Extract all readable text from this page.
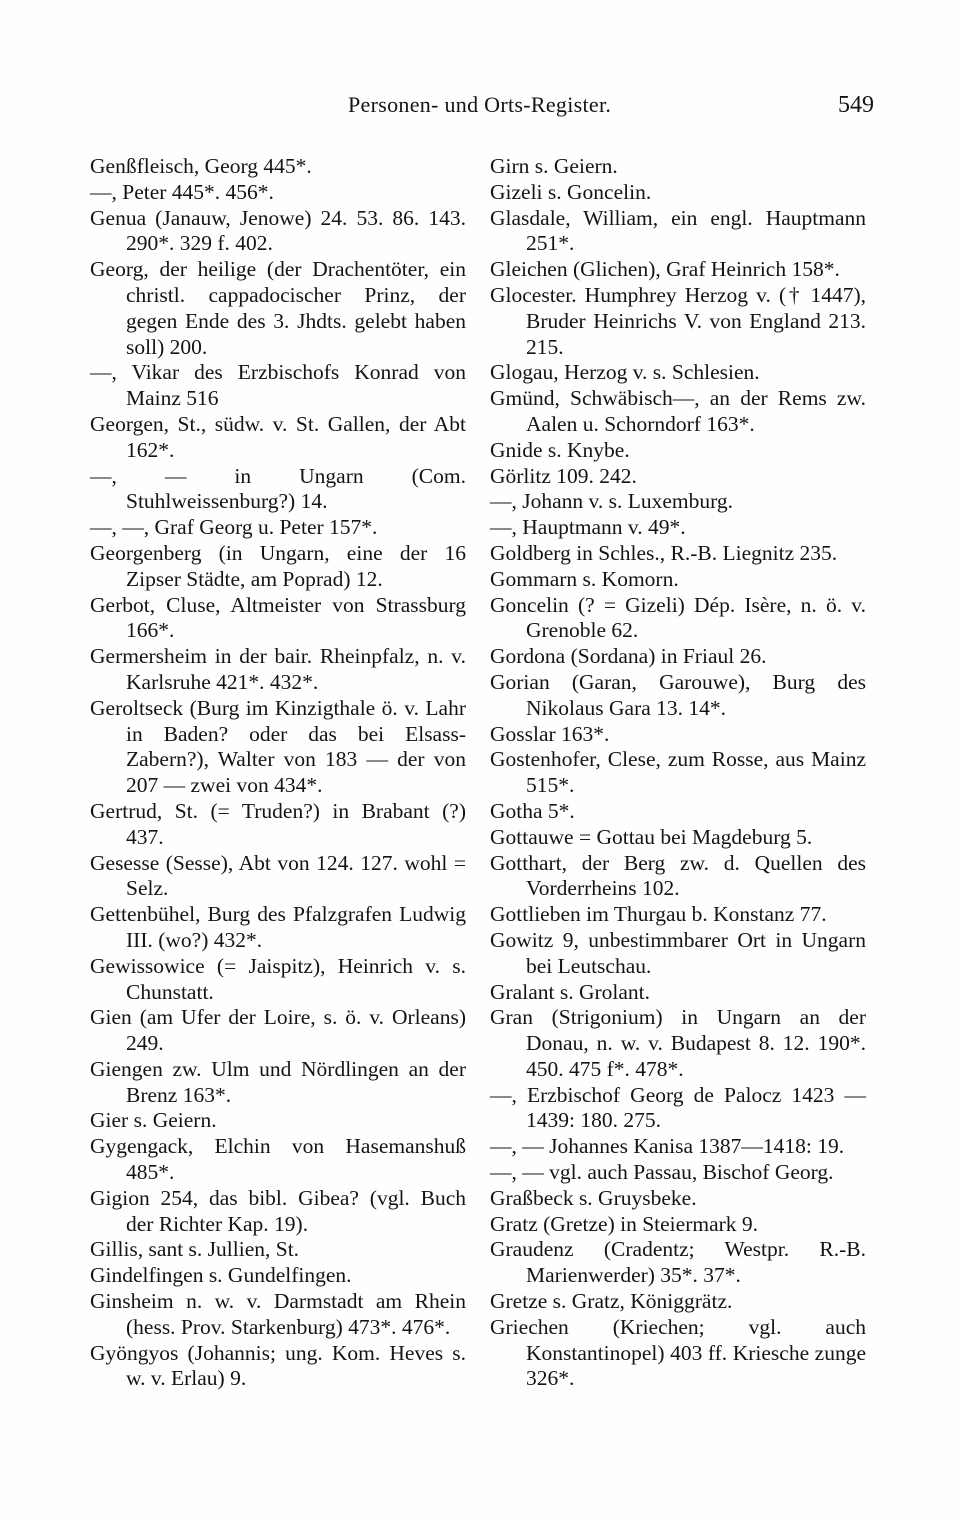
Personen- und Orts-Register.	549

Genßfleisch, Georg 445*.

—, Peter 445*. 456*.

Genua (Janauw, Jenowe) 24. 53. 86. 143. 290*. 329 f. 402.

Georg, der heilige (der Drachentöter, ein christl. cappadocischer Prinz, der gegen Ende des 3. Jhdts. gelebt haben soll) 200.

—, Vikar des Erzbischofs Konrad von Mainz 516

Georgen, St., südw. v. St. Gallen, der Abt 162*.

—, — in Ungarn (Com. Stuhlweissenburg?) 14.

—, —, Graf Georg u. Peter 157*.

Georgenberg (in Ungarn, eine der 16 Zipser Städte, am Poprad) 12.

Gerbot, Cluse, Altmeister von Strassburg 166*.

Germersheim in der bair. Rheinpfalz, n. v. Karlsruhe 421*. 432*.

Geroltseck (Burg im Kinzigthale ö. v. Lahr in Baden? oder das bei Elsass-Zabern?), Walter von 183 — der von 207 — zwei von 434*.

Gertrud, St. (= Truden?) in Brabant (?) 437.

Gesesse (Sesse), Abt von 124. 127. wohl = Selz.

Gettenbühel, Burg des Pfalzgrafen Ludwig III. (wo?) 432*.

Gewissowice (= Jaispitz), Heinrich v. s. Chunstatt.

Gien (am Ufer der Loire, s. ö. v. Orleans) 249.

Giengen zw. Ulm und Nördlingen an der Brenz 163*.

Gier s. Geiern.

Gygengack, Elchin von Hasemanshuß 485*.

Gigion 254, das bibl. Gibea? (vgl. Buch der Richter Kap. 19).

Gillis, sant s. Jullien, St.

Gindelfingen s. Gundelfingen.

Ginsheim n. w. v. Darmstadt am Rhein (hess. Prov. Starkenburg) 473*. 476*.

Gyöngyos (Johannis; ung. Kom. Heves s. w. v. Erlau) 9.

Girn s. Geiern.

Gizeli s. Goncelin.

Glasdale, William, ein engl. Hauptmann 251*.

Gleichen (Glichen), Graf Heinrich 158*.

Glocester. Humphrey Herzog v. († 1447), Bruder Heinrichs V. von England 213. 215.

Glogau, Herzog v. s. Schlesien.

Gmünd, Schwäbisch—, an der Rems zw. Aalen u. Schorndorf 163*.

Gnide s. Knybe.

Görlitz 109. 242.

—, Johann v. s. Luxemburg.

—, Hauptmann v. 49*.

Goldberg in Schles., R.-B. Liegnitz 235.

Gommarn s. Komorn.

Goncelin (? = Gizeli) Dép. Isère, n. ö. v. Grenoble 62.

Gordona (Sordana) in Friaul 26.

Gorian (Garan, Garouwe), Burg des Nikolaus Gara 13. 14*.

Gosslar 163*.

Gostenhofer, Clese, zum Rosse, aus Mainz 515*.

Gotha 5*.

Gottauwe = Gottau bei Magdeburg 5.

Gotthart, der Berg zw. d. Quellen des Vorderrheins 102.

Gottlieben im Thurgau b. Konstanz 77.

Gowitz 9, unbestimmbarer Ort in Ungarn bei Leutschau.

Gralant s. Grolant.

Gran (Strigonium) in Ungarn an der Donau, n. w. v. Budapest 8. 12. 190*. 450. 475 f*. 478*.

—, Erzbischof Georg de Palocz 1423 —1439: 180. 275.

—, — Johannes Kanisa 1387—1418: 19.

—, — vgl. auch Passau, Bischof Georg.

Graßbeck s. Gruysbeke.

Gratz (Gretze) in Steiermark 9.

Graudenz (Cradentz; Westpr. R.-B. Marienwerder) 35*. 37*.

Gretze s. Gratz, Königgrätz.

Griechen (Kriechen; vgl. auch Konstantinopel) 403 ff. Kriesche zunge 326*.
